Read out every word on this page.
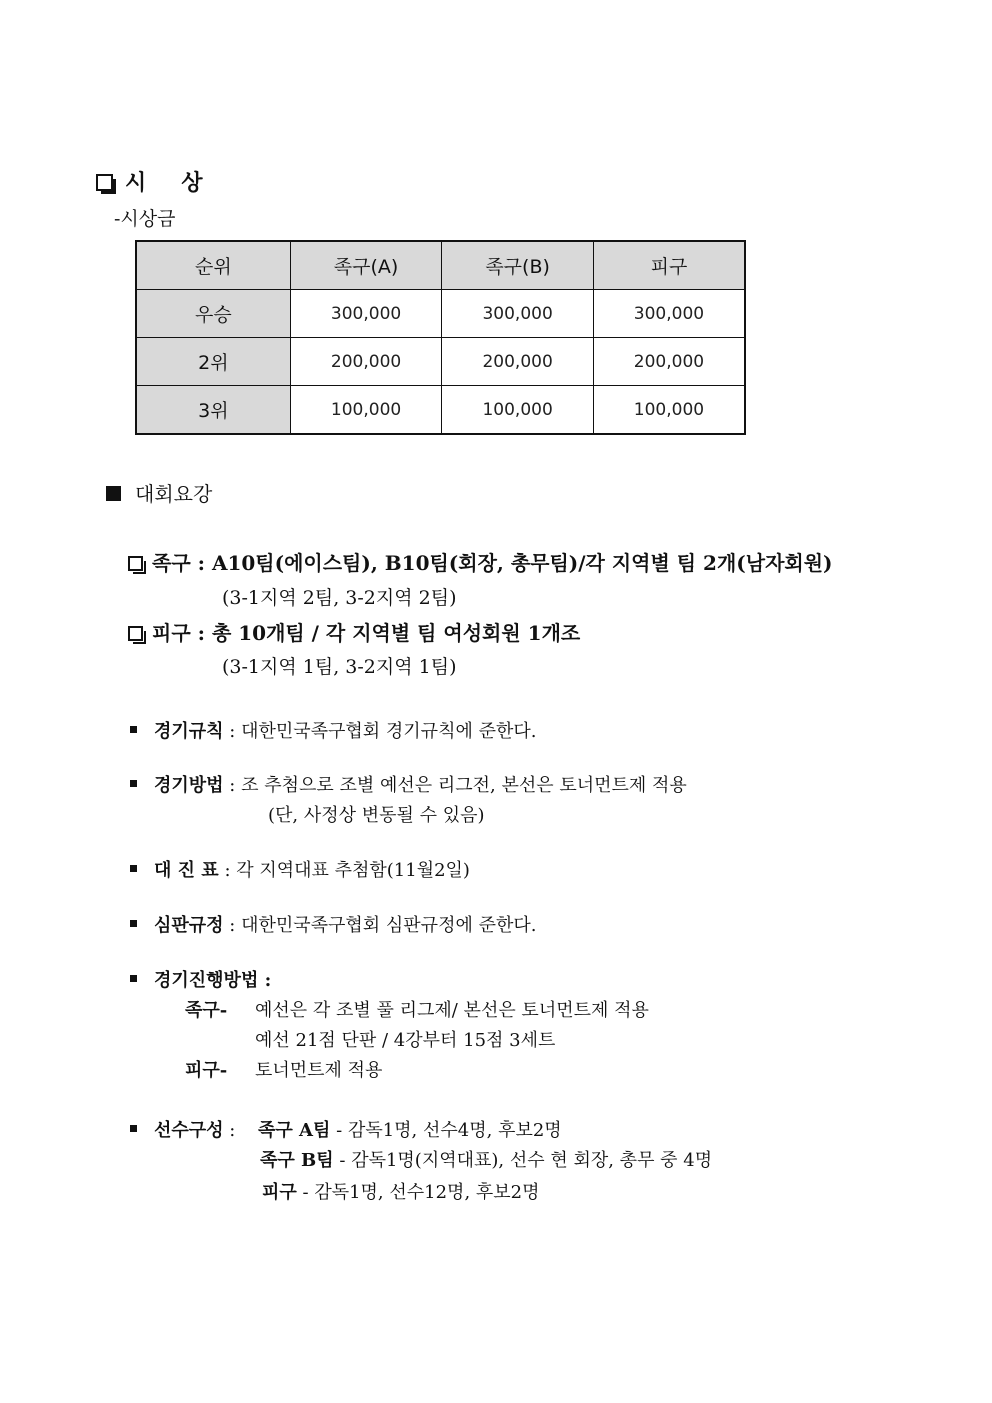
시 상
-시상금
순위	족구(A)	족구(B)	피구
우승	300,000	300,000	300,000
2위	200,000	200,000	200,000
3위	100,000	100,000	100,000
대회요강
족구 : A10팀(에이스팀), B10팀(회장, 총무팀)/각 지역별 팀 2개(남자회원)
(3-1지역 2팀, 3-2지역 2팀)
피구 : 총 10개팀 / 각 지역별 팀 여성회원 1개조
(3-1지역 1팀, 3-2지역 1팀)
경기규칙 : 대한민국족구협회 경기규칙에 준한다.
경기방법 : 조 추첨으로 조별 예선은 리그전, 본선은 토너먼트제 적용
(단, 사정상 변동될 수 있음)
대 진 표 : 각 지역대표 추첨함(11월2일)
심판규정 : 대한민국족구협회 심판규정에 준한다.
경기진행방법 :
족구- 예선은 각 조별 풀 리그제/ 본선은 토너먼트제 적용
예선 21점 단판 / 4강부터 15점 3세트
피구- 토너먼트제 적용
선수구성 : 족구 A팀 - 감독1명, 선수4명, 후보2명
족구 B팀 - 감독1명(지역대표), 선수 현 회장, 총무 중 4명
피구 - 감독1명, 선수12명, 후보2명
